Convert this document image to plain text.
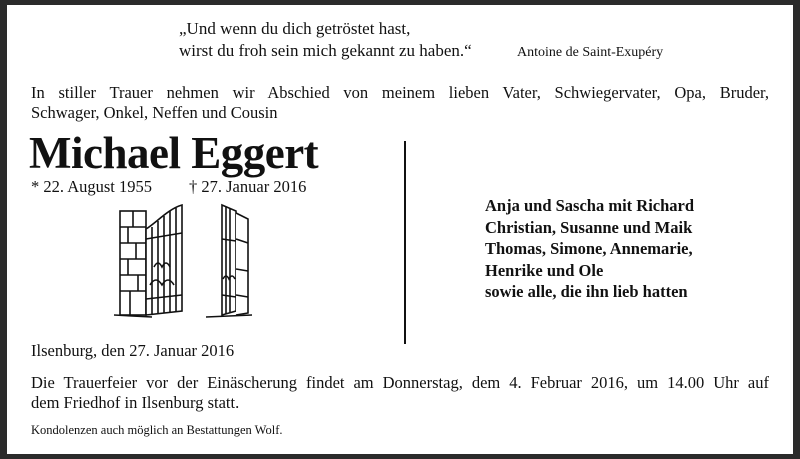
„Und wenn du dich getröstet hast,
wirst du froh sein mich gekannt zu haben.“	Antoine de Saint-Exupéry
In stiller Trauer nehmen wir Abschied von meinem lieben Vater, Schwiegervater, Opa, Bruder,
Schwager, Onkel, Neffen und Cousin
Michael Eggert
* 22. August 1955 † 27. Januar 2016
Anja und Sascha mit Richard
Christian, Susanne und Maik
Thomas, Simone, Annemarie,
Henrike und Ole
sowie alle, die ihn lieb hatten
Ilsenburg, den 27. Januar 2016
Die Trauerfeier vor der Einäscherung findet am Donnerstag, dem 4. Februar 2016, um 14.00 Uhr auf
dem Friedhof in Ilsenburg statt.
Kondolenzen auch möglich an Bestattungen Wolf.
